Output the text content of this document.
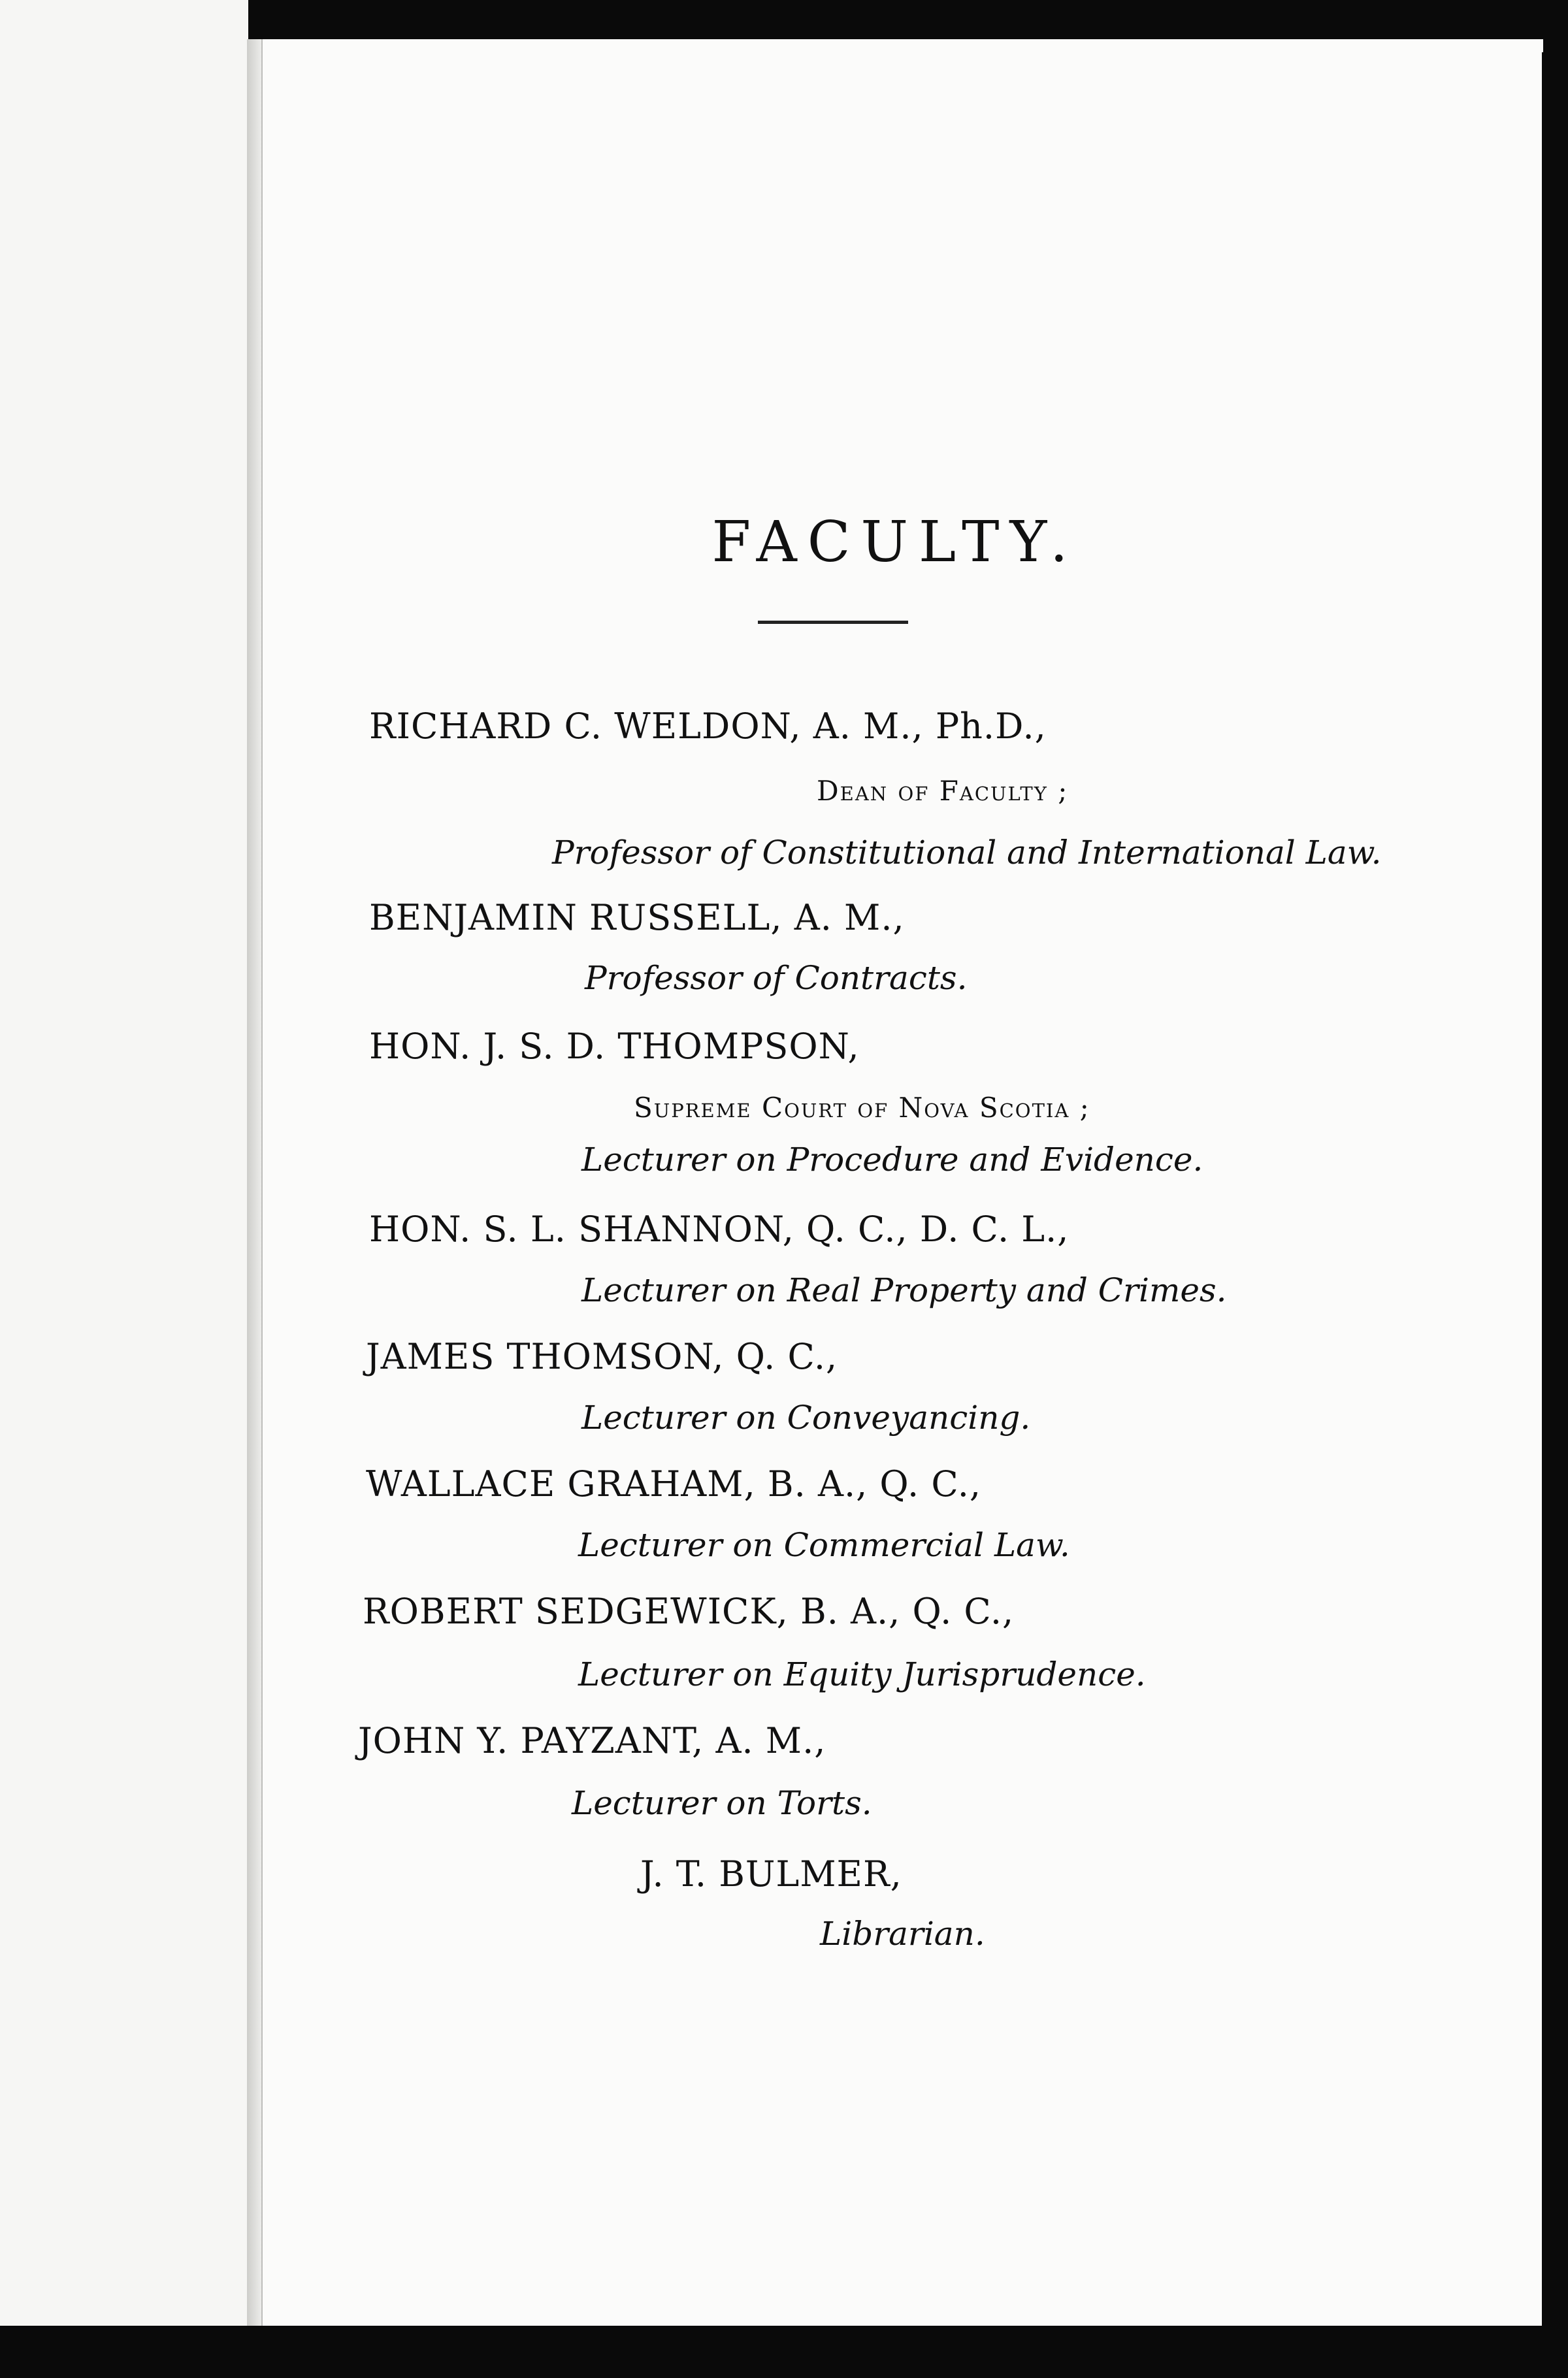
FACULTY.
RICHARD C. WELDON, A. M., Ph.D.,
Dean of Faculty ;
Professor of Constitutional and International Law.
BENJAMIN RUSSELL, A. M.,
Professor of Contracts.
HON. J. S. D. THOMPSON,
Supreme Court of Nova Scotia ;
Lecturer on Procedure and Evidence.
HON. S. L. SHANNON, Q. C., D. C. L.,
Lecturer on Real Property and Crimes.
JAMES THOMSON, Q. C.,
Lecturer on Conveyancing.
WALLACE GRAHAM, B. A., Q. C.,
Lecturer on Commercial Law.
ROBERT SEDGEWICK, B. A., Q. C.,
Lecturer on Equity Jurisprudence.
JOHN Y. PAYZANT, A. M.,
Lecturer on Torts.
J. T. BULMER,
Librarian.
